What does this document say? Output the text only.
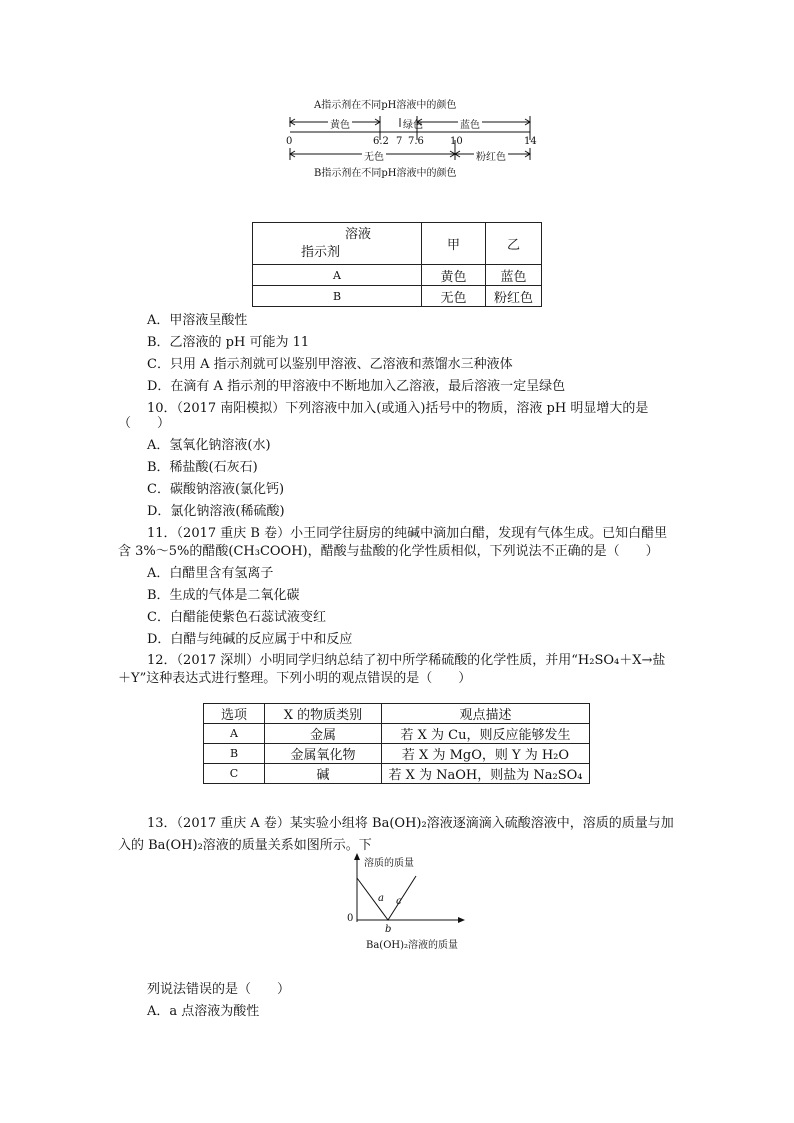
A指示剂在不同pH溶液中的颜色
黄色	绿色	蓝色
0	6.2 7 7.6	10	14
无色	粉红色
B指示剂在不同pH溶液中的颜色
溶液
指示剂	甲	乙
A	黄色	蓝色
B	无色	粉红色
A．甲溶液呈酸性
B．乙溶液的 pH 可能为 11
C．只用 A 指示剂就可以鉴别甲溶液、乙溶液和蒸馏水三种液体
D．在滴有 A 指示剂的甲溶液中不断地加入乙溶液，最后溶液一定呈绿色
10．（2017 南阳模拟）下列溶液中加入(或通入)括号中的物质，溶液 pH 明显增大的是
（　　）
A．氢氧化钠溶液(水)
B．稀盐酸(石灰石)
C．碳酸钠溶液(氯化钙)
D．氯化钠溶液(稀硫酸)
11．（2017 重庆 B 卷）小王同学往厨房的纯碱中滴加白醋，发现有气体生成。已知白醋里
含 3%～5%的醋酸(CH₃COOH)，醋酸与盐酸的化学性质相似，下列说法不正确的是（　　）
A．白醋里含有氢离子
B．生成的气体是二氧化碳
C．白醋能使紫色石蕊试液变红
D．白醋与纯碱的反应属于中和反应
12．（2017 深圳）小明同学归纳总结了初中所学稀硫酸的化学性质，并用“H₂SO₄＋X→盐
＋Y”这种表达式进行整理。下列小明的观点错误的是（　　）
选项	X 的物质类别	观点描述
A	金属	若 X 为 Cu，则反应能够发生
B	金属氧化物	若 X 为 MgO，则 Y 为 H₂O
C	碱	若 X 为 NaOH，则盐为 Na₂SO₄
13．（2017 重庆 A 卷）某实验小组将 Ba(OH)₂溶液逐滴滴入硫酸溶液中，溶质的质量与加
入的 Ba(OH)₂溶液的质量关系如图所示。下
溶质的质量
0
a c
b
Ba(OH)₂溶液的质量
列说法错误的是（　　）
A．a 点溶液为酸性
